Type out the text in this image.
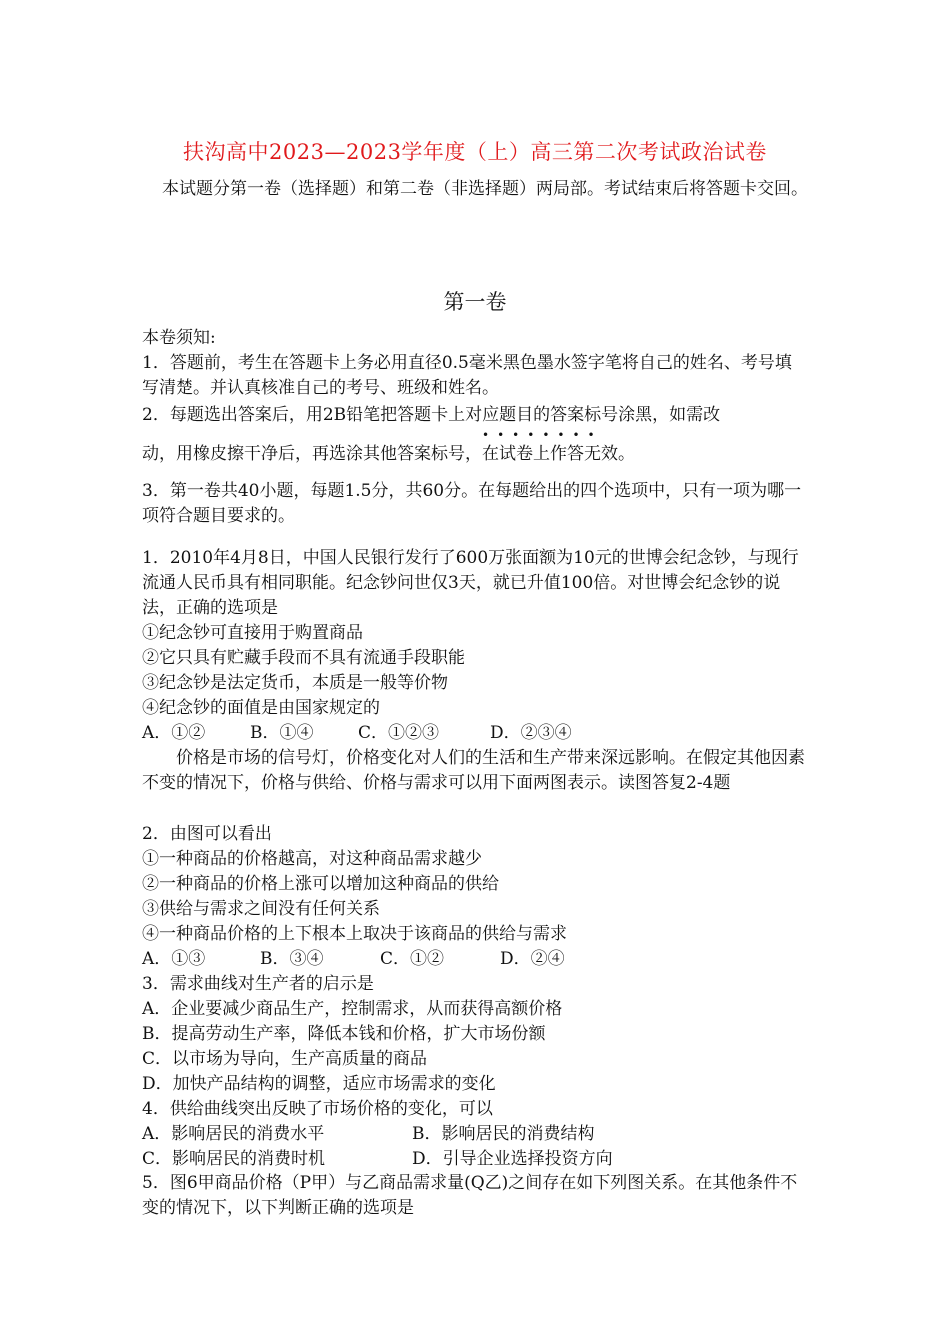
扶沟高中2023—2023学年度（上）高三第二次考试政治试卷
本试题分第一卷（选择题）和第二卷（非选择题）两局部。考试结束后将答题卡交回。
第一卷

本卷须知:

1．答题前，考生在答题卡上务必用直径0.5毫米黑色墨水签字笔将自己的姓名、考号填写清楚。并认真核准自己的考号、班级和姓名。

2．每题选出答案后，用2B铅笔把答题卡上对应题目的答案标号涂黑，如需改
动，用橡皮擦干净后，再选涂其他答案标号，
••••••••
在试卷上作答无效。

3．第一卷共40小题，每题1.5分，共60分。在每题给出的四个选项中，只有一项为哪一项符合题目要求的。

1．2010年4月8日，中国人民银行发行了600万张面额为10元的世博会纪念钞，与现行流通人民币具有相同职能。纪念钞问世仅3天，就已升值100倍。对世博会纪念钞的说法，正确的选项是

①纪念钞可直接用于购置商品

②它只具有贮藏手段而不具有流通手段职能

③纪念钞是法定货币，本质是一般等价物

④纪念钞的面值是由国家规定的

A．①②	B．①④	C．①②③	D．②③④

价格是市场的信号灯，价格变化对人们的生活和生产带来深远影响。在假定其他因素不变的情况下，价格与供给、价格与需求可以用下面两图表示。读图答复2-4题

2．由图可以看出

①一种商品的价格越高，对这种商品需求越少

②一种商品的价格上涨可以增加这种商品的供给

③供给与需求之间没有任何关系

④一种商品价格的上下根本上取决于该商品的供给与需求

A．①③	B．③④	C．①②	D．②④

3．需求曲线对生产者的启示是

A．企业要减少商品生产，控制需求，从而获得高额价格

B．提高劳动生产率，降低本钱和价格，扩大市场份额

C．以市场为导向，生产高质量的商品

D．加快产品结构的调整，适应市场需求的变化

4．供给曲线突出反映了市场价格的变化，可以

A．影响居民的消费水平	B．影响居民的消费结构

C．影响居民的消费时机	D．引导企业选择投资方向

5．图6甲商品价格（P甲）与乙商品需求量(Q乙)之间存在如下列图关系。在其他条件不变的情况下，以下判断正确的选项是
